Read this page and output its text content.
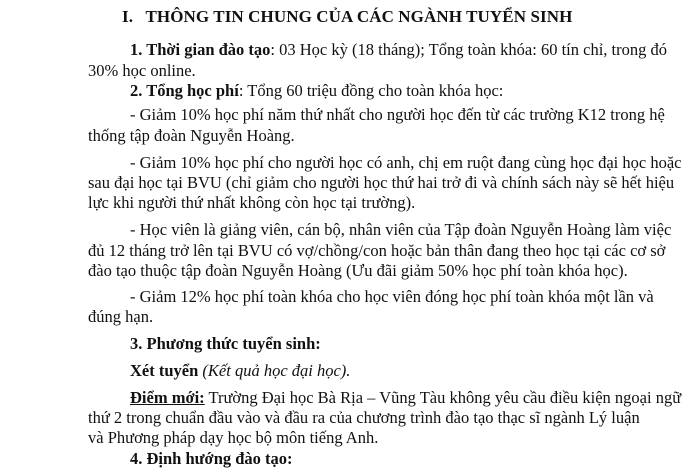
I. THÔNG TIN CHUNG CỦA CÁC NGÀNH TUYỂN SINH
1. Thời gian đào tạo: 03 Học kỳ (18 tháng); Tổng toàn khóa: 60 tín chỉ, trong đó
30% học online.
2. Tổng học phí: Tổng 60 triệu đồng cho toàn khóa học:
- Giảm 10% học phí năm thứ nhất cho người học đến từ các trường K12 trong hệ
thống tập đoàn Nguyễn Hoàng.
- Giảm 10% học phí cho người học có anh, chị em ruột đang cùng học đại học hoặc
sau đại học tại BVU (chỉ giảm cho người học thứ hai trở đi và chính sách này sẽ hết hiệu
lực khi người thứ nhất không còn học tại trường).
- Học viên là giảng viên, cán bộ, nhân viên của Tập đoàn Nguyễn Hoàng làm việc
đủ 12 tháng trở lên tại BVU có vợ/chồng/con hoặc bản thân đang theo học tại các cơ sở
đào tạo thuộc tập đoàn Nguyễn Hoàng (Ưu đãi giảm 50% học phí toàn khóa học).
- Giảm 12% học phí toàn khóa cho học viên đóng học phí toàn khóa một lần và
đúng hạn.
3. Phương thức tuyển sinh:
Xét tuyển (Kết quả học đại học).
Điểm mới: Trường Đại học Bà Rịa – Vũng Tàu không yêu cầu điều kiện ngoại ngữ
thứ 2 trong chuẩn đầu vào và đầu ra của chương trình đào tạo thạc sĩ ngành Lý luận
và Phương pháp dạy học bộ môn tiếng Anh.
4. Định hướng đào tạo:
